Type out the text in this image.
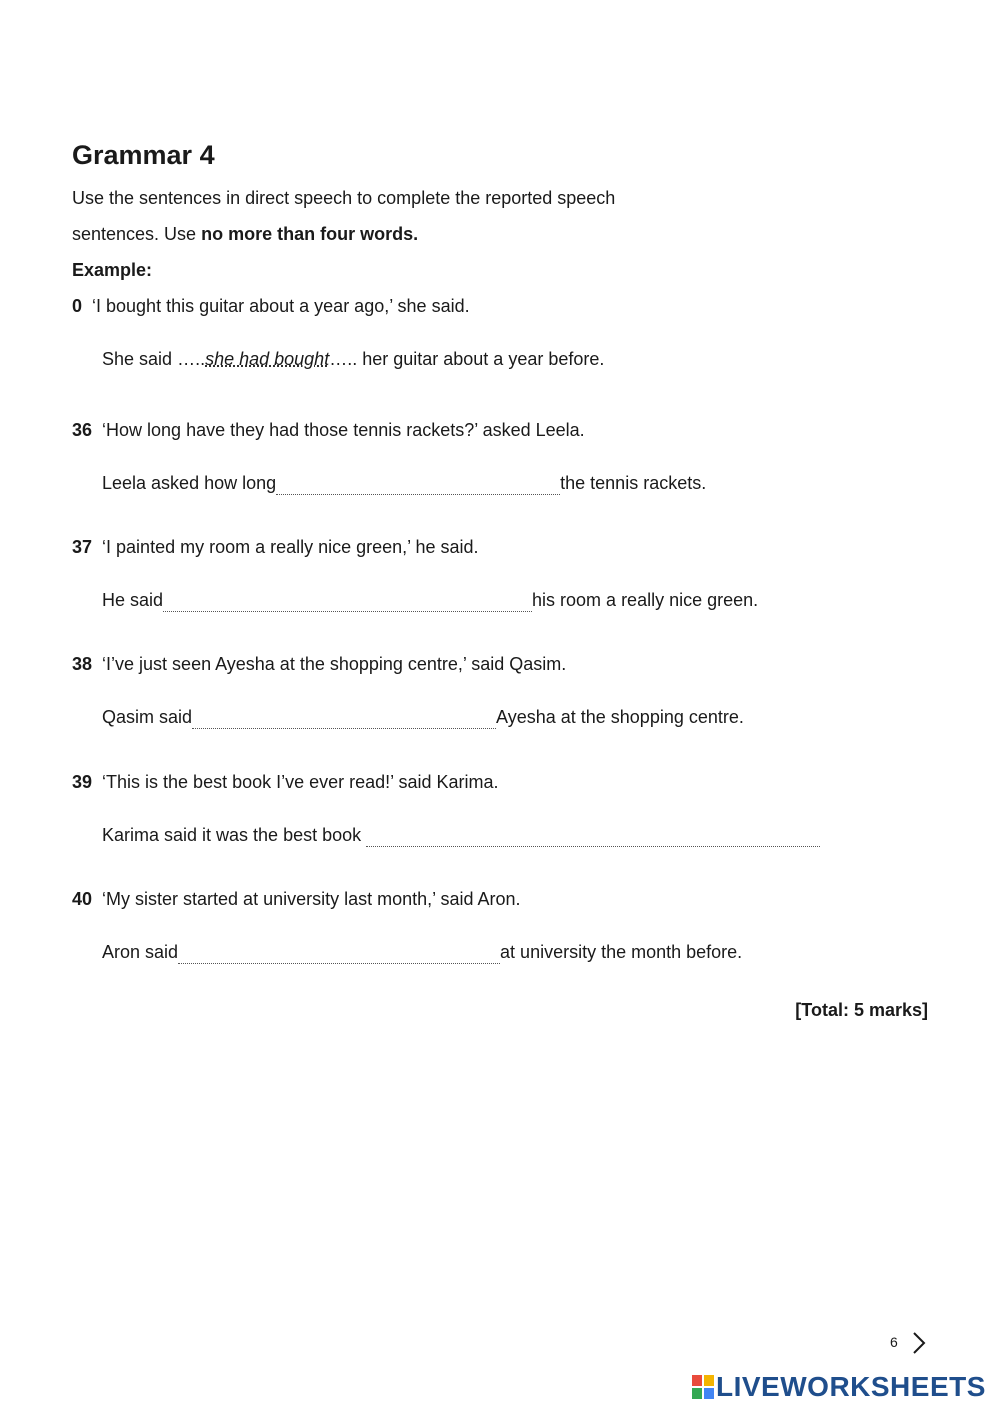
Grammar 4
Use the sentences in direct speech to complete the reported speech
sentences. Use no more than four words.
Example:
0 ‘I bought this guitar about a year ago,’ she said.
She said …..she had bought….. her guitar about a year before.
36 ‘How long have they had those tennis rackets?’ asked Leela.
Leela asked how long	the tennis rackets.
37 ‘I painted my room a really nice green,’ he said.
He said	his room a really nice green.
38 ‘I’ve just seen Ayesha at the shopping centre,’ said Qasim.
Qasim said	Ayesha at the shopping centre.
39 ‘This is the best book I’ve ever read!’ said Karima.
Karima said it was the best book
40 ‘My sister started at university last month,’ said Aron.
Aron said	at university the month before.
[Total: 5 marks]
6
LIVEWORKSHEETS
